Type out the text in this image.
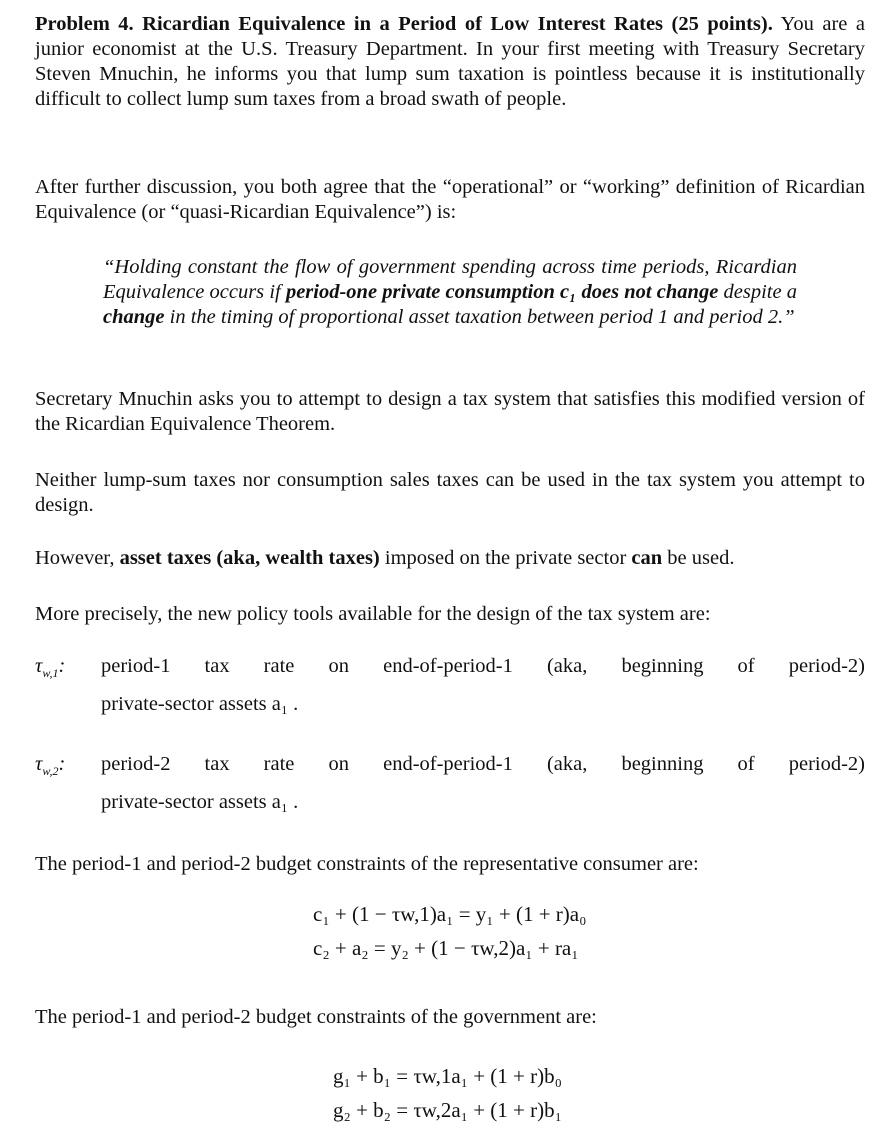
Problem 4. Ricardian Equivalence in a Period of Low Interest Rates (25 points). You are a junior economist at the U.S. Treasury Department. In your first meeting with Treasury Secretary Steven Mnuchin, he informs you that lump sum taxation is pointless because it is institutionally difficult to collect lump sum taxes from a broad swath of people.

After further discussion, you both agree that the “operational” or “working” definition of Ricardian Equivalence (or “quasi-Ricardian Equivalence”) is:

“Holding constant the flow of government spending across time periods, Ricardian Equivalence occurs if period-one private consumption c₁ does not change despite a change in the timing of proportional asset taxation between period 1 and period 2.”

Secretary Mnuchin asks you to attempt to design a tax system that satisfies this modified version of the Ricardian Equivalence Theorem.

Neither lump-sum taxes nor consumption sales taxes can be used in the tax system you attempt to design.

However, asset taxes (aka, wealth taxes) imposed on the private sector can be used.

More precisely, the new policy tools available for the design of the tax system are:

$\tau_{w,1}$: period-1 tax rate on end-of-period-1 (aka, beginning of period-2)
private-sector assets a₁ .
$\tau_{w,2}$: period-2 tax rate on end-of-period-1 (aka, beginning of period-2)
private-sector assets a₁ .

The period-1 and period-2 budget constraints of the representative consumer are:

c₁ + (1 − τw,1)a₁ = y₁ + (1 + r)a₀
c₂ + a₂ = y₂ + (1 − τw,2)a₁ + ra₁

The period-1 and period-2 budget constraints of the government are:

g₁ + b₁ = τw,1a₁ + (1 + r)b₀
g₂ + b₂ = τw,2a₁ + (1 + r)b₁
